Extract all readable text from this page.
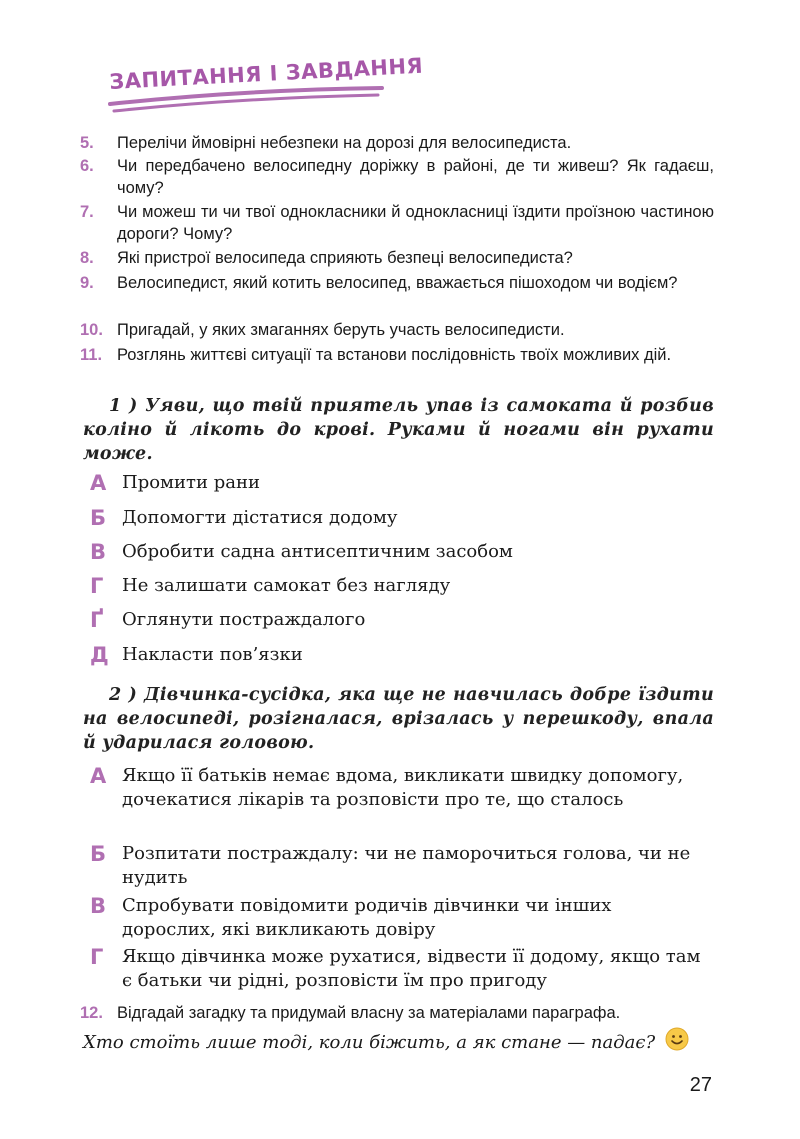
ЗАПИТАННЯ І ЗАВДАННЯ
5.	Перелічи ймовірні небезпеки на дорозі для велосипедиста.
6.	Чи передбачено велосипедну доріжку в районі, де ти живеш? Як гадаєш, чому?
7.	Чи можеш ти чи твої однокласники й однокласниці їздити проїзною частиною дороги? Чому?
8.	Які пристрої велосипеда сприяють безпеці велосипедиста?
9.	Велосипедист, який котить велосипед, вважається пішоходом чи водієм?
10. Пригадай, у яких змаганнях беруть участь велосипедисти.
11. Розглянь життєві ситуації та встанови послідовність твоїх можливих дій.
1 ) Уяви, що твій приятель упав із самоката й розбив коліно й лікоть до крові. Руками й ногами він рухати може.
А Промити рани
Б Допомогти дістатися додому
В Обробити садна антисептичним засобом
Г	Не залишати самокат без нагляду
Ґ	Оглянути постраждалого
Д Накласти пов’язки
2 ) Дівчинка-сусідка, яка ще не навчилась добре їздити на велосипеді, розігналася, врізалась у перешкоду, впала й ударилася головою.
А Якщо її батьків немає вдома, викликати швидку допомогу, дочекатися лікарів та розповісти про те, що сталось
Б Розпитати постраждалу: чи не паморочиться голова, чи не нудить
В Спробувати повідомити родичів дівчинки чи інших дорослих, які викликають довіру
Г	Якщо дівчинка може рухатися, відвести її додому, якщо там є батьки чи рідні, розповісти їм про пригоду
12. Відгадай загадку та придумай власну за матеріалами параграфа.
Хто стоїть лише тоді, коли біжить, а як стане — падає?
27
